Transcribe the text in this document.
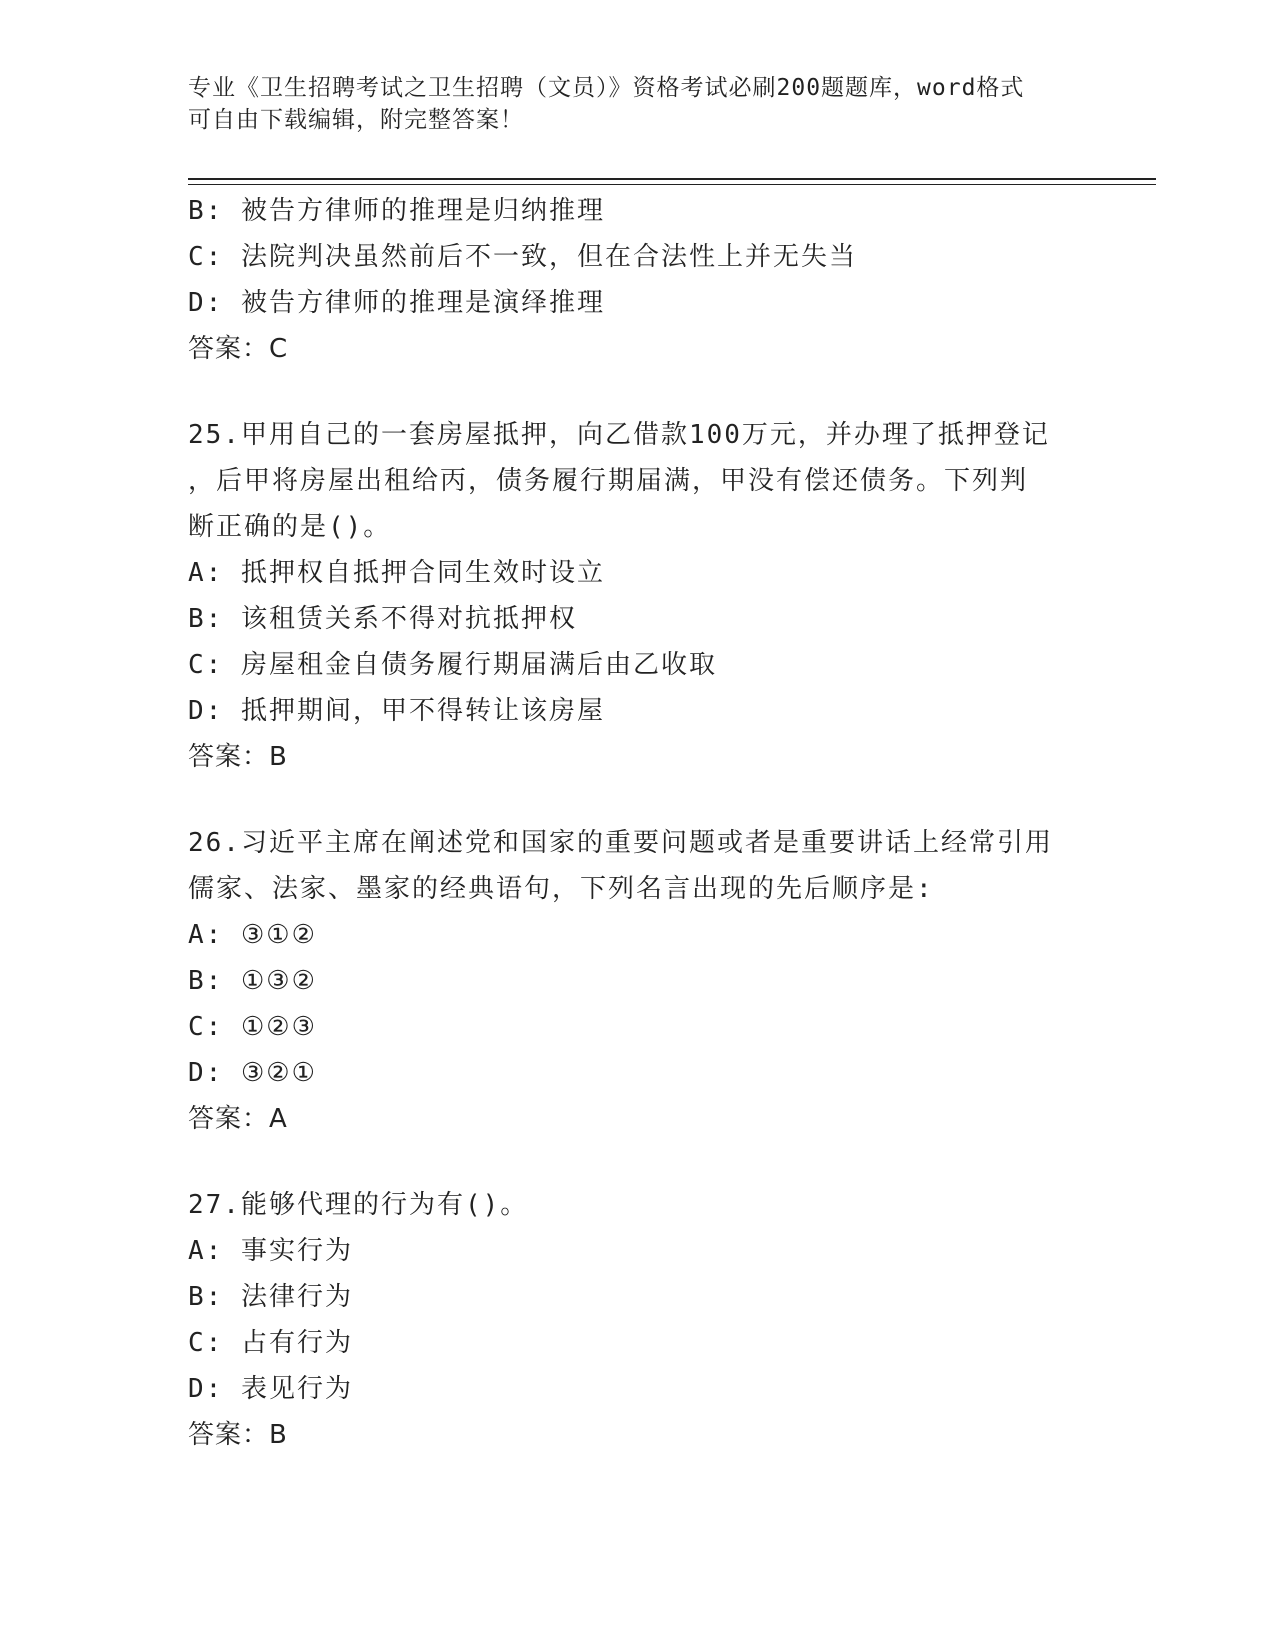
专业《卫生招聘考试之卫生招聘（文员）》资格考试必刷200题题库，word格式
可自由下载编辑，附完整答案！
B: 被告方律师的推理是归纳推理
C: 法院判决虽然前后不一致，但在合法性上并无失当
D: 被告方律师的推理是演绎推理
答案：C
25.甲用自己的一套房屋抵押，向乙借款100万元，并办理了抵押登记
，后甲将房屋出租给丙，债务履行期届满，甲没有偿还债务。下列判
断正确的是()。
A: 抵押权自抵押合同生效时设立
B: 该租赁关系不得对抗抵押权
C: 房屋租金自债务履行期届满后由乙收取
D: 抵押期间，甲不得转让该房屋
答案：B
26.习近平主席在阐述党和国家的重要问题或者是重要讲话上经常引用
儒家、法家、墨家的经典语句，下列名言出现的先后顺序是:
A: ③①②
B: ①③②
C: ①②③
D: ③②①
答案：A
27.能够代理的行为有()。
A: 事实行为
B: 法律行为
C: 占有行为
D: 表见行为
答案：B
